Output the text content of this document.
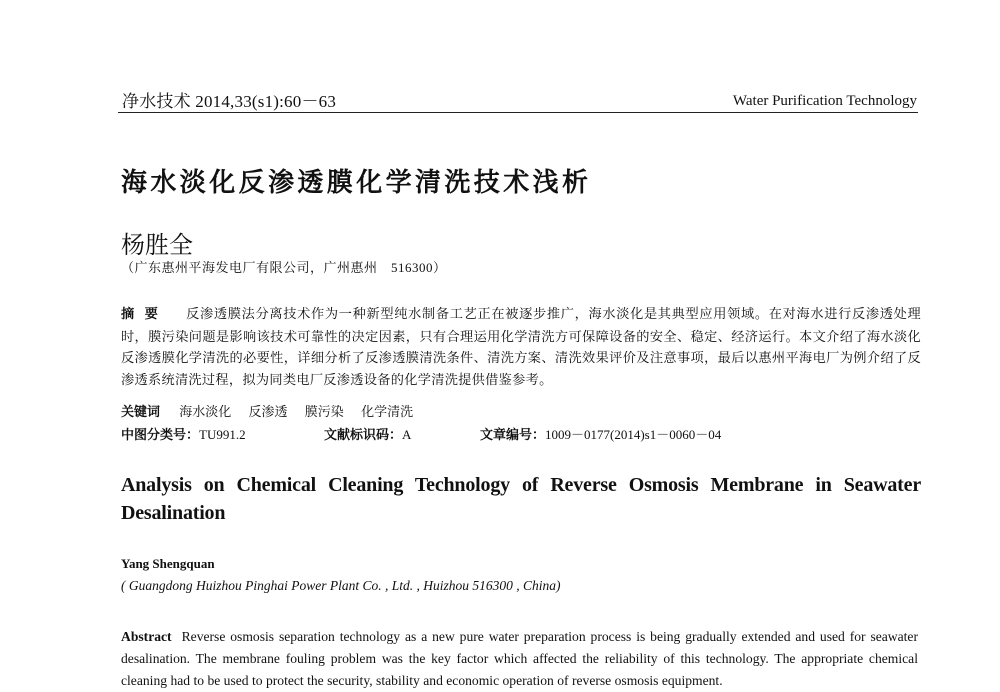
净水技术 2014,33(s1):60－63	Water Purification Technology
海水淡化反渗透膜化学清洗技术浅析
杨胜全
（广东惠州平海发电厂有限公司，广州惠州　516300）
摘要 反渗透膜法分离技术作为一种新型纯水制备工艺正在被逐步推广，海水淡化是其典型应用领域。在对海水进行反渗透处理时，膜污染问题是影响该技术可靠性的决定因素，只有合理运用化学清洗方可保障设备的安全、稳定、经济运行。本文介绍了海水淡化反渗透膜化学清洗的必要性，详细分析了反渗透膜清洗条件、清洗方案、清洗效果评价及注意事项，最后以惠州平海电厂为例介绍了反渗透系统清洗过程，拟为同类电厂反渗透设备的化学清洗提供借鉴参考。
关键词 海水淡化 反渗透 膜污染 化学清洗
中图分类号：TU991.2	文献标识码：A	文章编号：1009－0177(2014)s1－0060－04
Analysis on Chemical Cleaning Technology of Reverse Osmosis Membrane in Seawater Desalination
Yang Shengquan
( Guangdong Huizhou Pinghai Power Plant Co. , Ltd. , Huizhou 516300 , China)
Abstract Reverse osmosis separation technology as a new pure water preparation process is being gradually extended and used for seawater desalination. The membrane fouling problem was the key factor which affected the reliability of this technology. The appropriate chemical cleaning had to be used to protect the security, stability and economic operation of reverse osmosis equipment.
